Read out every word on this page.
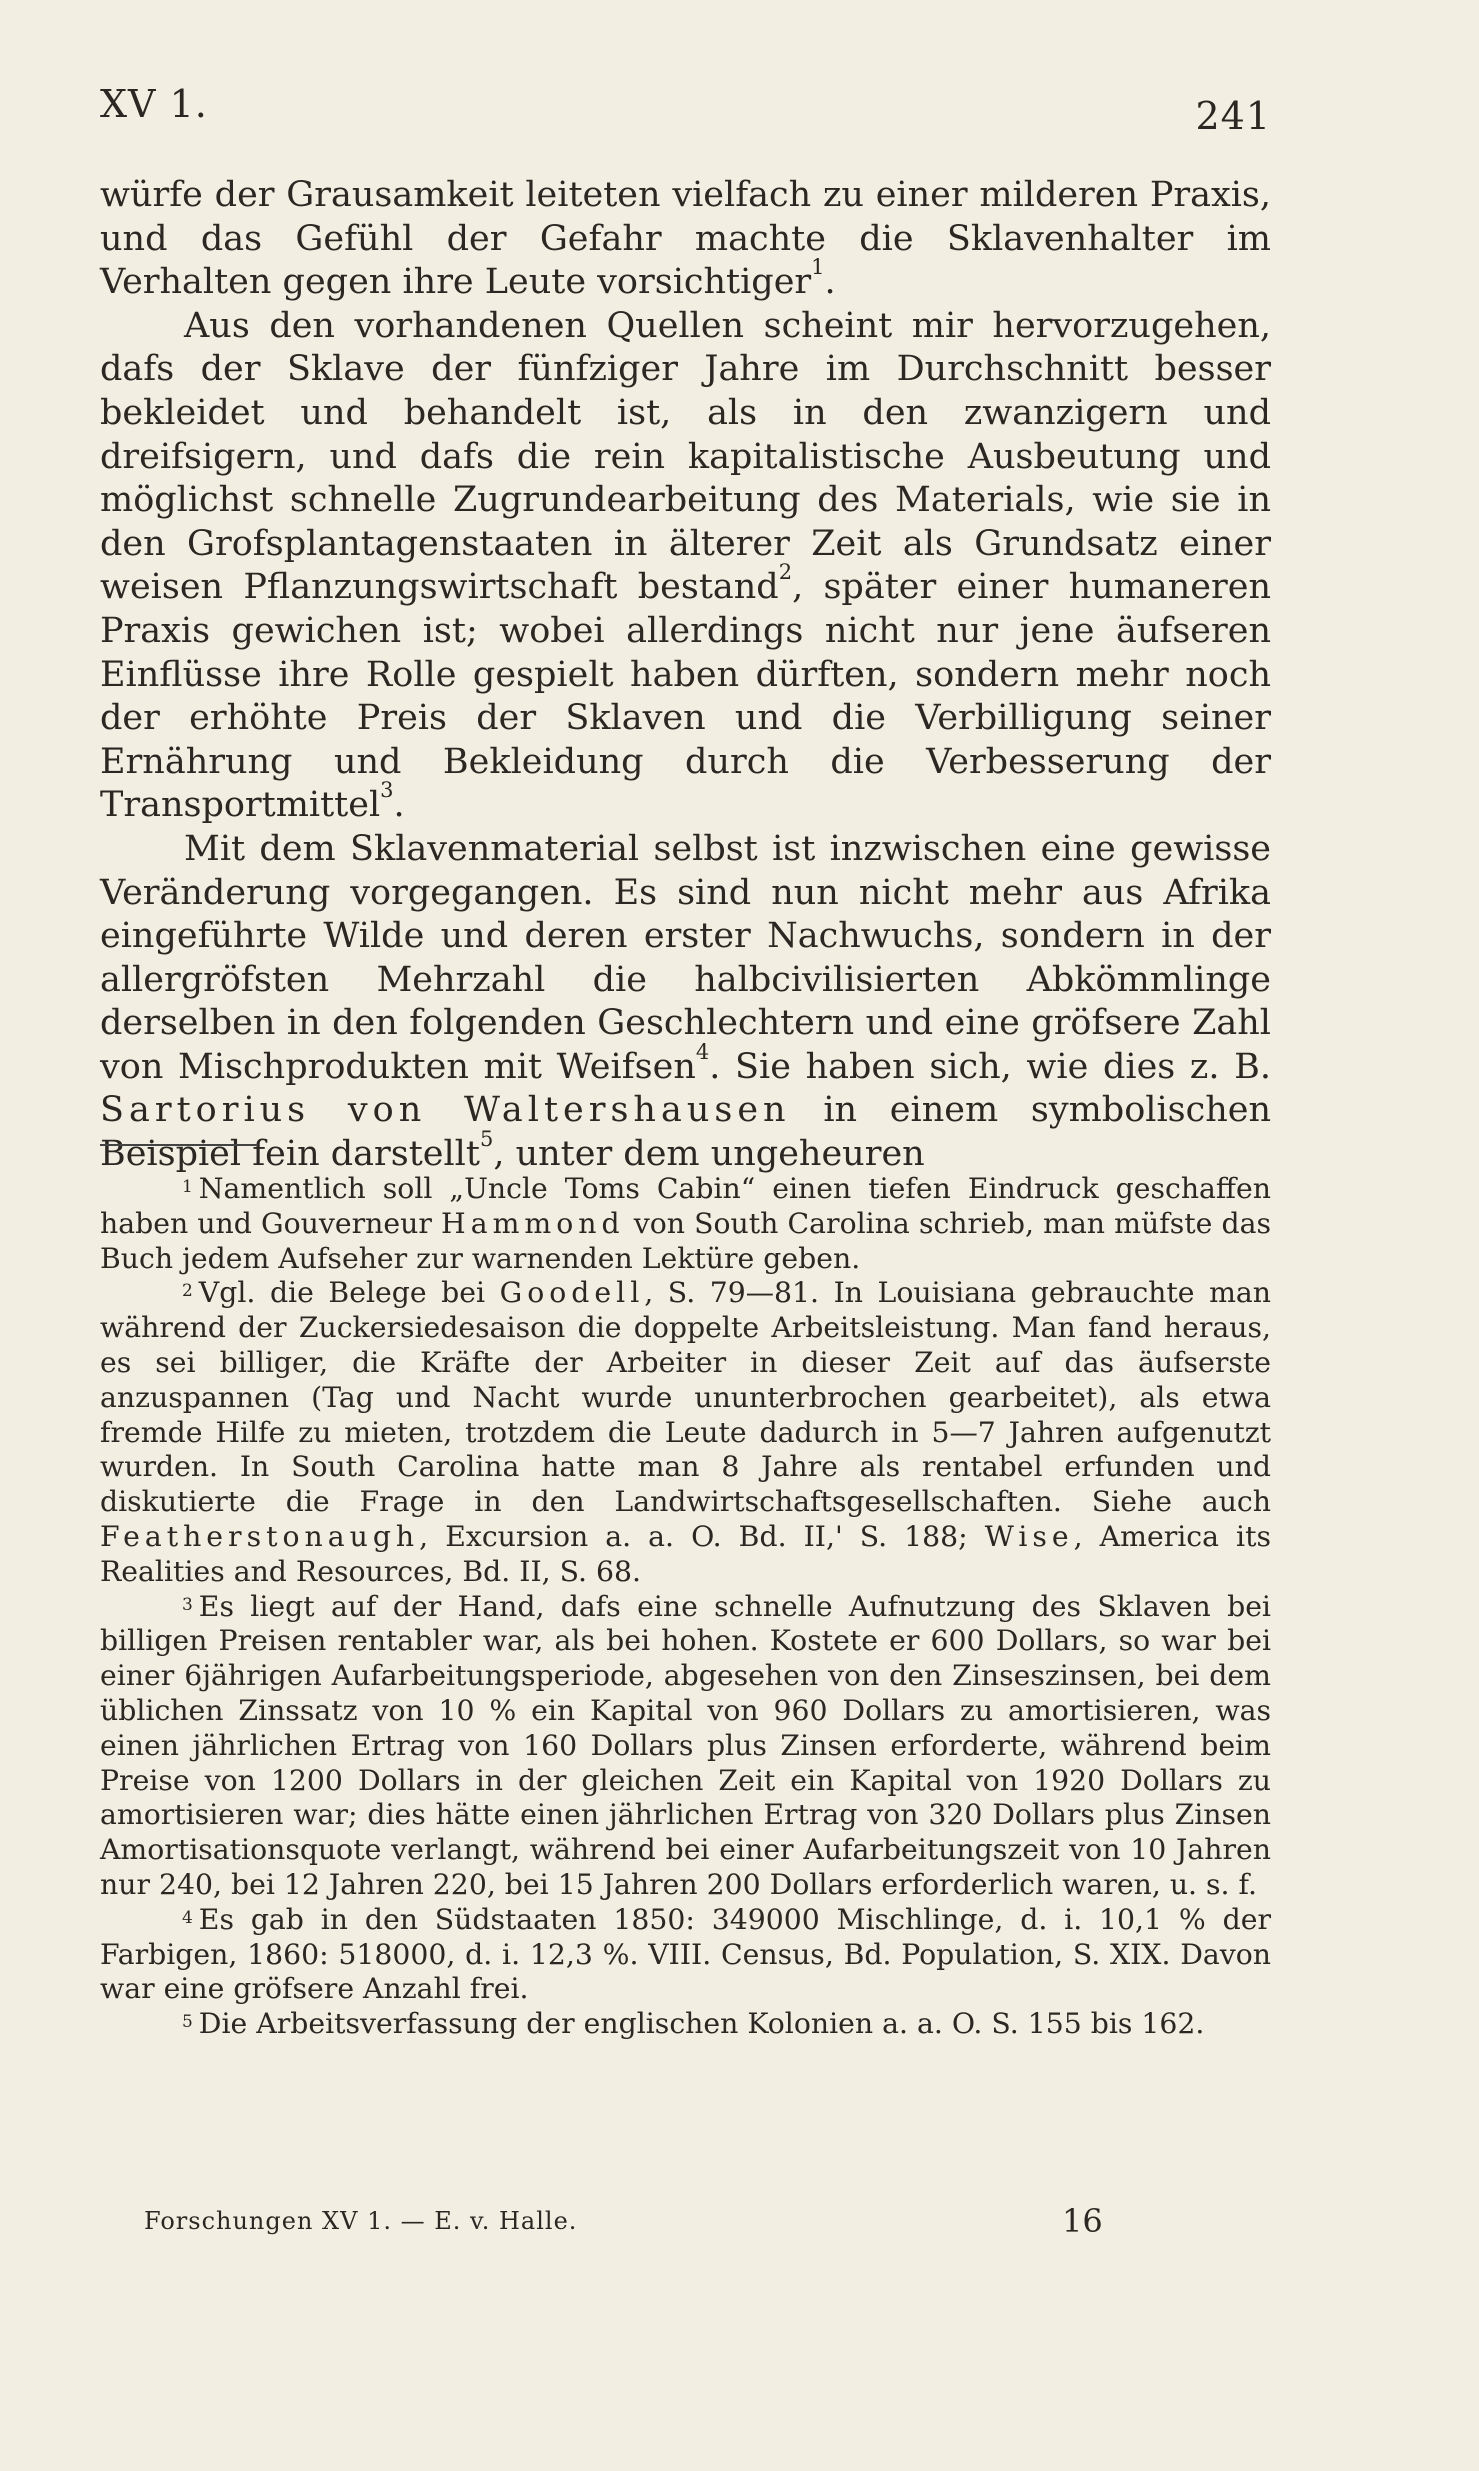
XV 1.	241

würfe der Grausamkeit leiteten vielfach zu einer milderen Praxis, und das Gefühl der Gefahr machte die Sklavenhalter im Verhalten gegen ihre Leute vorsichtiger$^1$.

Aus den vorhandenen Quellen scheint mir hervorzugehen, dafs der Sklave der fünfziger Jahre im Durchschnitt besser bekleidet und behandelt ist, als in den zwanzigern und dreifsigern, und dafs die rein kapitalistische Ausbeutung und möglichst schnelle Zugrundearbeitung des Materials, wie sie in den Grofsplantagenstaaten in älterer Zeit als Grundsatz einer weisen Pflanzungswirtschaft bestand$^2$, später einer humaneren Praxis gewichen ist; wobei allerdings nicht nur jene äufseren Einflüsse ihre Rolle gespielt haben dürften, sondern mehr noch der erhöhte Preis der Sklaven und die Verbilligung seiner Ernährung und Bekleidung durch die Verbesserung der Transportmittel$^3$.

Mit dem Sklavenmaterial selbst ist inzwischen eine gewisse Veränderung vorgegangen. Es sind nun nicht mehr aus Afrika eingeführte Wilde und deren erster Nachwuchs, sondern in der allergröfsten Mehrzahl die halbcivilisierten Abkömmlinge derselben in den folgenden Geschlechtern und eine gröfsere Zahl von Mischprodukten mit Weifsen$^4$. Sie haben sich, wie dies z. B. Sartorius von Waltershausen in einem symbolischen Beispiel fein darstellt$^5$, unter dem ungeheuren

$^1$ Namentlich soll „Uncle Toms Cabin“ einen tiefen Eindruck geschaffen haben und Gouverneur Hammond von South Carolina schrieb, man müfste das Buch jedem Aufseher zur warnenden Lektüre geben.

$^2$ Vgl. die Belege bei Goodell, S. 79—81. In Louisiana gebrauchte man während der Zuckersiedesaison die doppelte Arbeitsleistung. Man fand heraus, es sei billiger, die Kräfte der Arbeiter in dieser Zeit auf das äufserste anzuspannen (Tag und Nacht wurde ununterbrochen gearbeitet), als etwa fremde Hilfe zu mieten, trotzdem die Leute dadurch in 5—7 Jahren aufgenutzt wurden. In South Carolina hatte man 8 Jahre als rentabel erfunden und diskutierte die Frage in den Landwirtschaftsgesellschaften. Siehe auch Featherstonaugh, Excursion a. a. O. Bd. II,' S. 188; Wise, America its Realities and Resources, Bd. II, S. 68.

$^3$ Es liegt auf der Hand, dafs eine schnelle Aufnutzung des Sklaven bei billigen Preisen rentabler war, als bei hohen. Kostete er 600 Dollars, so war bei einer 6jährigen Aufarbeitungsperiode, abgesehen von den Zinseszinsen, bei dem üblichen Zinssatz von 10 % ein Kapital von 960 Dollars zu amortisieren, was einen jährlichen Ertrag von 160 Dollars plus Zinsen erforderte, während beim Preise von 1200 Dollars in der gleichen Zeit ein Kapital von 1920 Dollars zu amortisieren war; dies hätte einen jährlichen Ertrag von 320 Dollars plus Zinsen Amortisationsquote verlangt, während bei einer Aufarbeitungszeit von 10 Jahren nur 240, bei 12 Jahren 220, bei 15 Jahren 200 Dollars erforderlich waren, u. s. f.

$^4$ Es gab in den Südstaaten 1850: 349000 Mischlinge, d. i. 10,1 % der Farbigen, 1860: 518000, d. i. 12,3 %. VIII. Census, Bd. Population, S. XIX. Davon war eine gröfsere Anzahl frei.

$^5$ Die Arbeitsverfassung der englischen Kolonien a. a. O. S. 155 bis 162.

Forschungen XV 1. — E. v. Halle.	16
